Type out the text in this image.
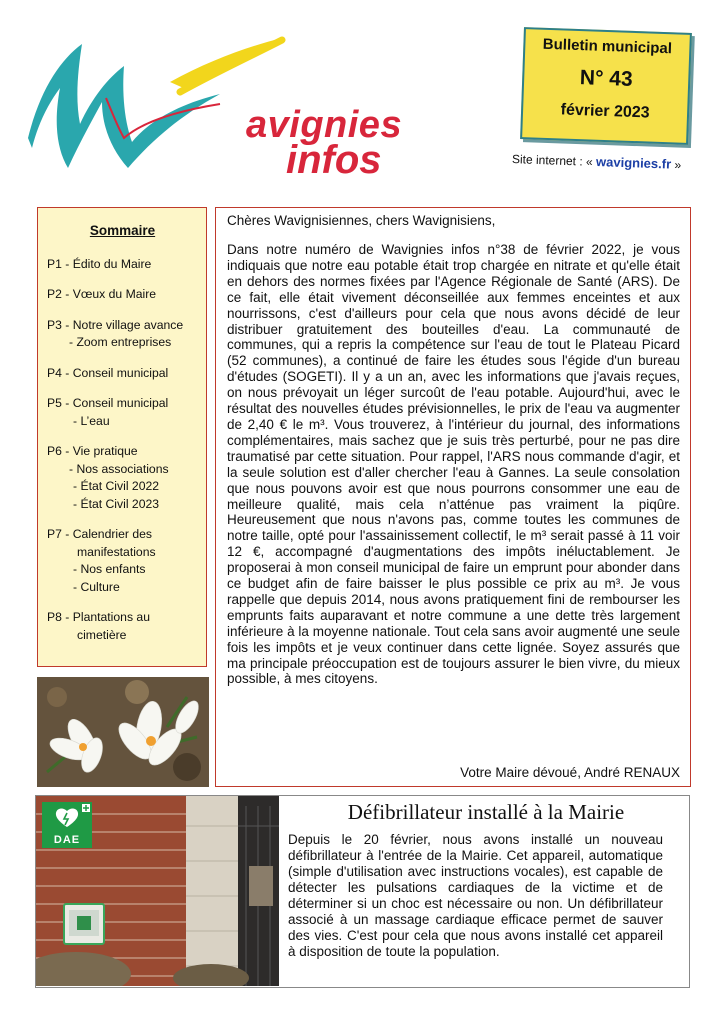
avignies
infos
Bulletin municipal
N° 43
février 2023
Site internet : « wavignies.fr »
Sommaire
P1 - Édito du Maire
P2 - Vœux du Maire
P3 - Notre village avance
- Zoom entreprises
P4 - Conseil municipal
P5 - Conseil municipal
- L’eau
P6 - Vie pratique
- Nos associations
- État Civil 2022
- État Civil 2023
P7 - Calendrier des
manifestations
- Nos enfants
- Culture
P8 - Plantations au
cimetière

Chères Wavignisiennes, chers Wavignisiens,

Dans notre numéro de Wavignies infos n°38 de février 2022, je vous indiquais que notre eau potable était trop chargée en nitrate et qu'elle était en dehors des normes fixées par l'Agence Régionale de Santé (ARS). De ce fait, elle était vivement déconseillée aux femmes enceintes et aux nourrissons, c'est d'ailleurs pour cela que nous avons décidé de leur distribuer gratuitement des bouteilles d'eau. La communauté de communes, qui a repris la compétence sur l'eau de tout le Plateau Picard (52 communes), a continué de faire les études sous l'égide d'un bureau d'études (SOGETI). Il y a un an, avec les informations que j'avais reçues, on nous prévoyait un léger surcoût de l'eau potable. Aujourd'hui, avec le résultat des nouvelles études prévisionnelles, le prix de l'eau va augmenter de 2,40 € le m³. Vous trouverez, à l'intérieur du journal, des informations complémentaires, mais sachez que je suis très perturbé, pour ne pas dire traumatisé par cette situation. Pour rappel, l'ARS nous commande d'agir, et la seule solution est d'aller chercher l'eau à Gannes. La seule consolation que nous pouvons avoir est que nous pourrons consommer une eau de meilleure qualité, mais cela n’atténue pas vraiment la piqûre. Heureusement que nous n'avons pas, comme toutes les communes de notre taille, opté pour l'assainissement collectif, le m³ serait passé à 11 voir 12 €, accompagné d'augmentations des impôts inéluctablement. Je proposerai à mon conseil municipal de faire un emprunt pour abonder dans ce budget afin de faire baisser le plus possible ce prix au m³. Je vous rappelle que depuis 2014, nous avons pratiquement fini de rembourser les emprunts faits auparavant et notre commune a une dette très largement inférieure à la moyenne nationale. Tout cela sans avoir augmenté une seule fois les impôts et je veux continuer dans cette lignée. Soyez assurés que ma principale préoccupation est de toujours assurer le bien vivre, du mieux possible, à mes citoyens.

Votre Maire dévoué, André RENAUX
DAE
Défibrillateur installé à la Mairie

Depuis le 20 février, nous avons installé un nouveau défibrillateur à l'entrée de la Mairie. Cet appareil, automatique (simple d'utilisation avec instructions vocales), est capable de détecter les pulsations cardiaques de la victime et de déterminer si un choc est nécessaire ou non. Un défibrillateur associé à un massage cardiaque efficace permet de sauver des vies. C'est pour cela que nous avons installé cet appareil à disposition de toute la population.
